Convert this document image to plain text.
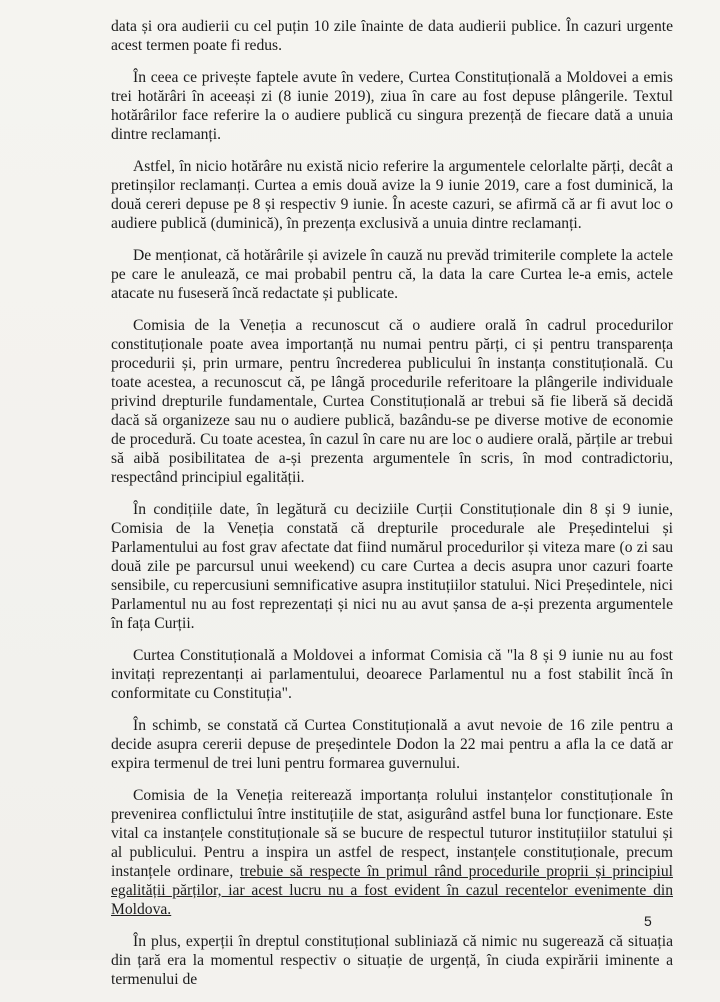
data și ora audierii cu cel puțin 10 zile înainte de data audierii publice. În cazuri urgente acest termen poate fi redus.

În ceea ce privește faptele avute în vedere, Curtea Constituțională a Moldovei a emis trei hotărâri în aceeași zi (8 iunie 2019), ziua în care au fost depuse plângerile. Textul hotărârilor face referire la o audiere publică cu singura prezență de fiecare dată a unuia dintre reclamanți.

Astfel, în nicio hotărâre nu există nicio referire la argumentele celorlalte părți, decât a pretinșilor reclamanți. Curtea a emis două avize la 9 iunie 2019, care a fost duminică, la două cereri depuse pe 8 și respectiv 9 iunie. În aceste cazuri, se afirmă că ar fi avut loc o audiere publică (duminică), în prezența exclusivă a unuia dintre reclamanți.

De menționat, că hotărârile și avizele în cauză nu prevăd trimiterile complete la actele pe care le anulează, ce mai probabil pentru că, la data la care Curtea le-a emis, actele atacate nu fuseseră încă redactate și publicate.

Comisia de la Veneția a recunoscut că o audiere orală în cadrul procedurilor constituționale poate avea importanță nu numai pentru părți, ci și pentru transparența procedurii și, prin urmare, pentru încrederea publicului în instanța constituțională. Cu toate acestea, a recunoscut că, pe lângă procedurile referitoare la plângerile individuale privind drepturile fundamentale, Curtea Constituțională ar trebui să fie liberă să decidă dacă să organizeze sau nu o audiere publică, bazându-se pe diverse motive de economie de procedură. Cu toate acestea, în cazul în care nu are loc o audiere orală, părțile ar trebui să aibă posibilitatea de a-și prezenta argumentele în scris, în mod contradictoriu, respectând principiul egalității.

În condițiile date, în legătură cu deciziile Curții Constituționale din 8 și 9 iunie, Comisia de la Veneția constată că drepturile procedurale ale Președintelui și Parlamentului au fost grav afectate dat fiind numărul procedurilor și viteza mare (o zi sau două zile pe parcursul unui weekend) cu care Curtea a decis asupra unor cazuri foarte sensibile, cu repercusiuni semnificative asupra instituțiilor statului. Nici Președintele, nici Parlamentul nu au fost reprezentați și nici nu au avut șansa de a-și prezenta argumentele în fața Curții.

Curtea Constituțională a Moldovei a informat Comisia că "la 8 și 9 iunie nu au fost invitați reprezentanți ai parlamentului, deoarece Parlamentul nu a fost stabilit încă în conformitate cu Constituția".

În schimb, se constată că Curtea Constituțională a avut nevoie de 16 zile pentru a decide asupra cererii depuse de președintele Dodon la 22 mai pentru a afla la ce dată ar expira termenul de trei luni pentru formarea guvernului.

Comisia de la Veneția reiterează importanța rolului instanțelor constituționale în prevenirea conflictului între instituțiile de stat, asigurând astfel buna lor funcționare. Este vital ca instanțele constituționale să se bucure de respectul tuturor instituțiilor statului și al publicului. Pentru a inspira un astfel de respect, instanțele constituționale, precum instanțele ordinare, trebuie să respecte în primul rând procedurile proprii și principiul egalității părților, iar acest lucru nu a fost evident în cazul recentelor evenimente din Moldova.

În plus, experții în dreptul constituțional subliniază că nimic nu sugerează că situația din țară era la momentul respectiv o situație de urgență, în ciuda expirării iminente a termenului de

5
